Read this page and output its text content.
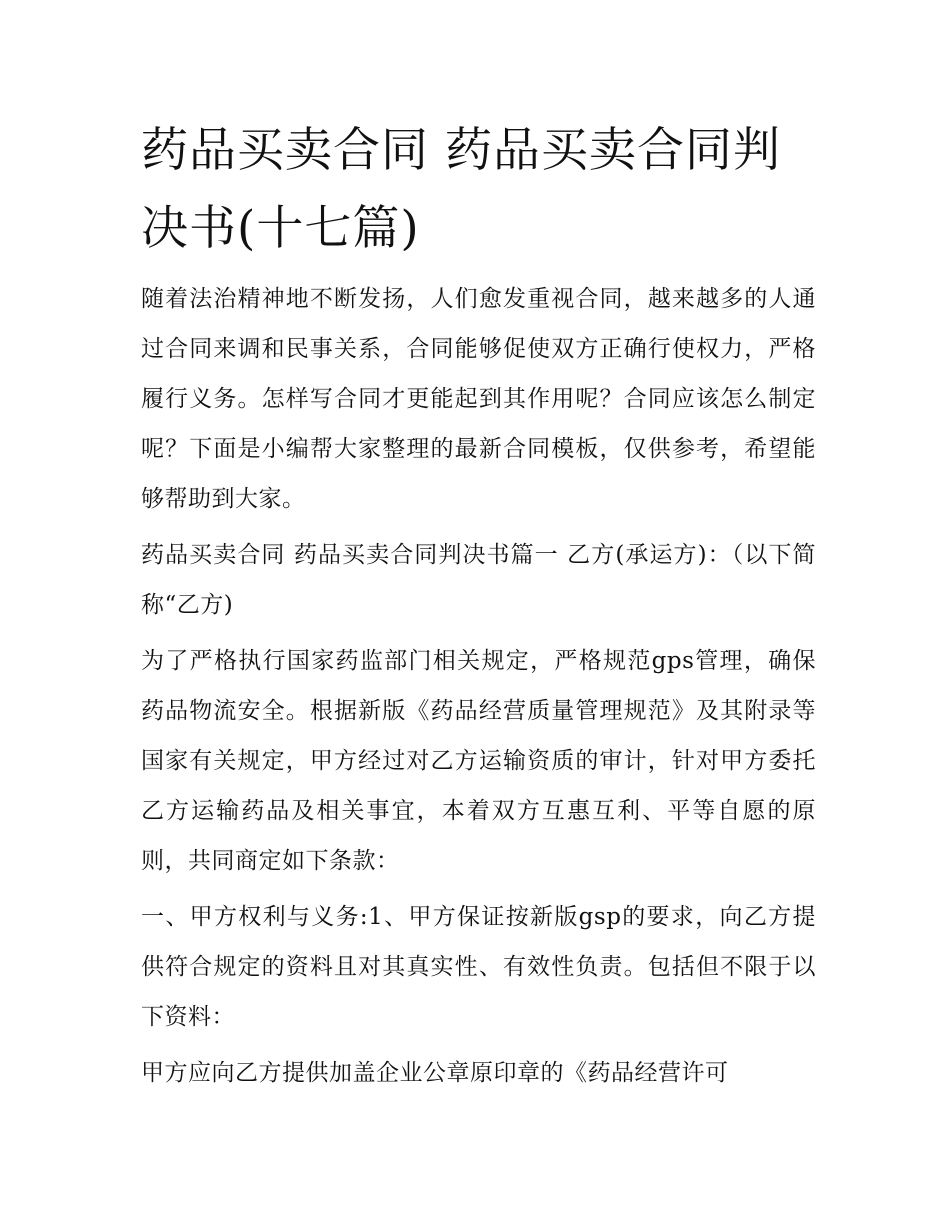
药品买卖合同 药品买卖合同判决书(十七篇)

随着法治精神地不断发扬，人们愈发重视合同，越来越多的人通过合同来调和民事关系，合同能够促使双方正确行使权力，严格履行义务。怎样写合同才更能起到其作用呢？合同应该怎么制定呢？下面是小编帮大家整理的最新合同模板，仅供参考，希望能够帮助到大家。

药品买卖合同 药品买卖合同判决书篇一 乙方(承运方)：（以下简称“乙方)

为了严格执行国家药监部门相关规定，严格规范gps管理，确保药品物流安全。根据新版《药品经营质量管理规范》及其附录等国家有关规定，甲方经过对乙方运输资质的审计，针对甲方委托乙方运输药品及相关事宜，本着双方互惠互利、平等自愿的原则，共同商定如下条款：

一、甲方权利与义务:1、甲方保证按新版gsp的要求，向乙方提供符合规定的资料且对其真实性、有效性负责。包括但不限于以下资料：

甲方应向乙方提供加盖企业公章原印章的《药品经营许可
